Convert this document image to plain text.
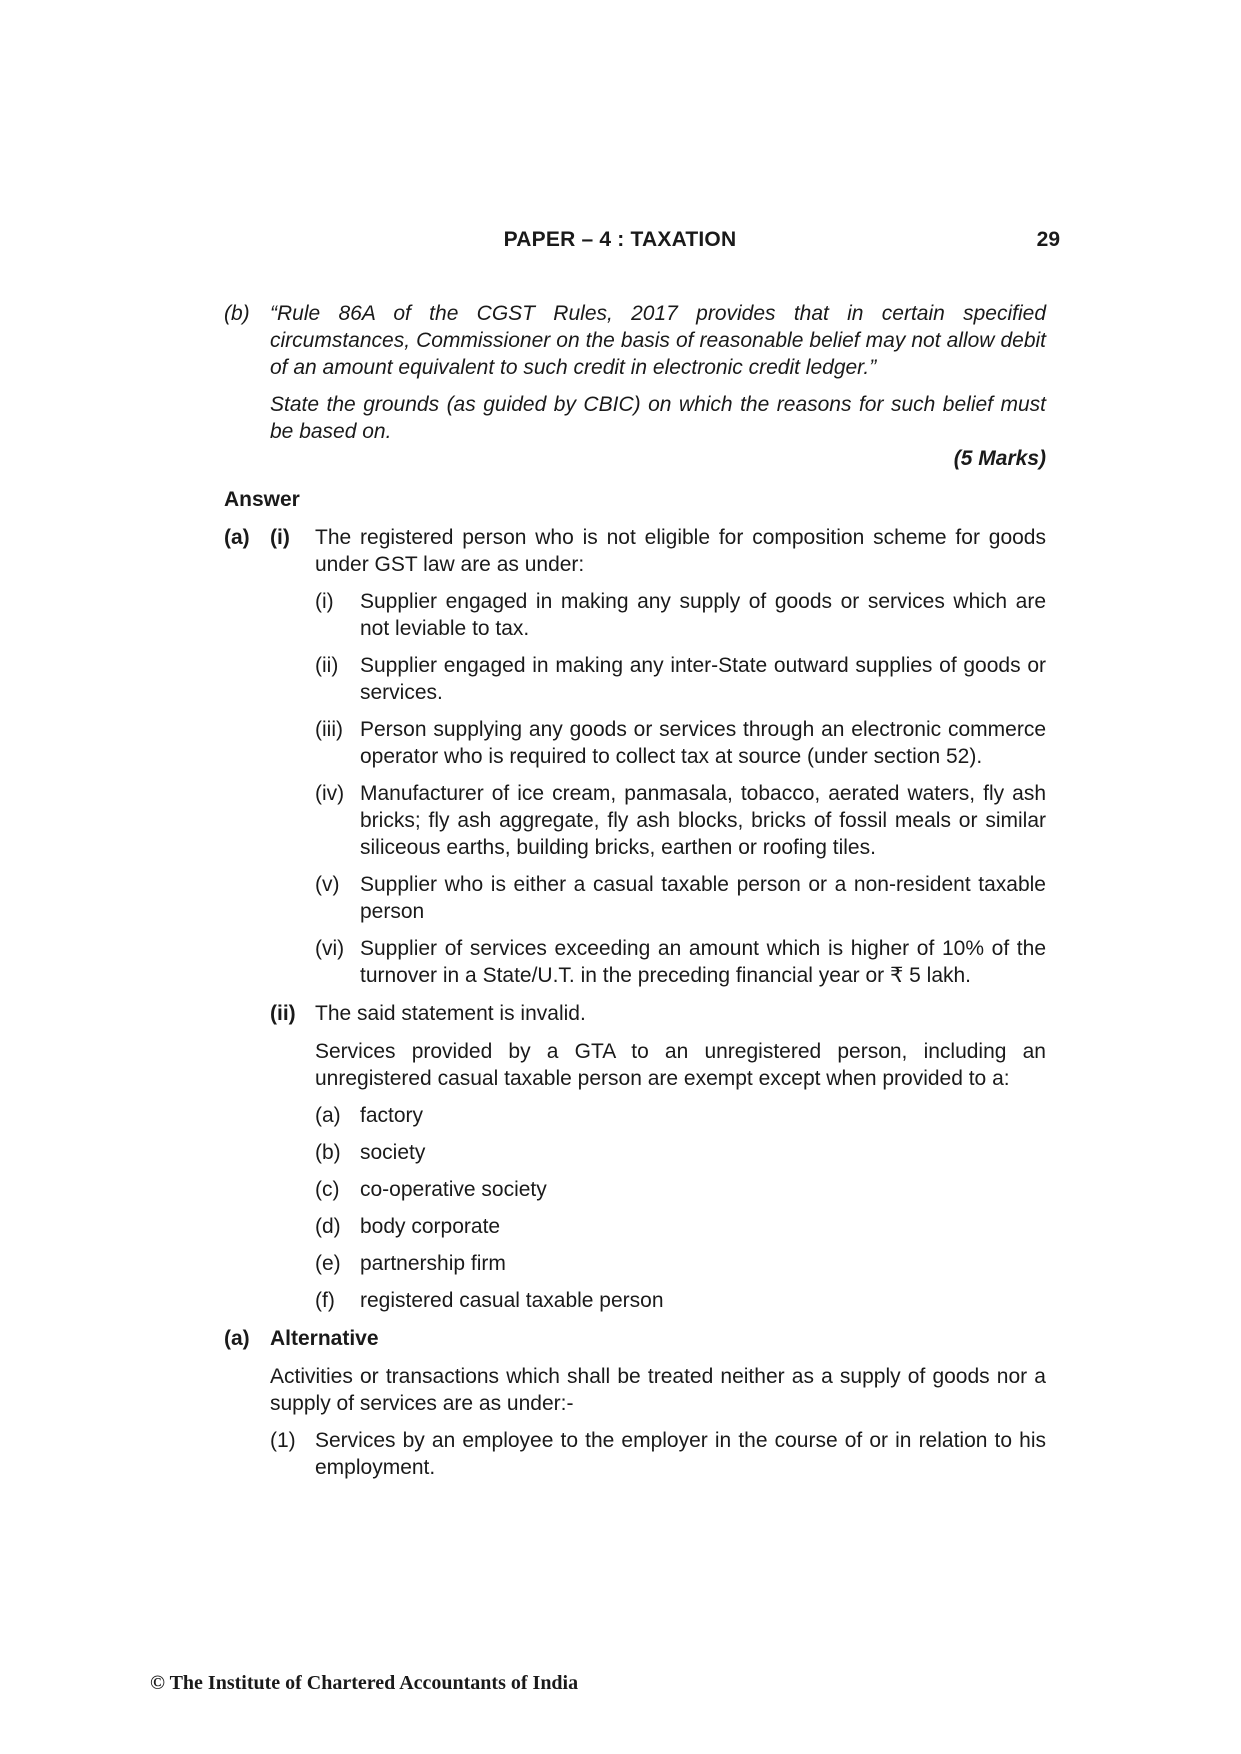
PAPER – 4 : TAXATION	29
(b) “Rule 86A of the CGST Rules, 2017 provides that in certain specified circumstances, Commissioner on the basis of reasonable belief may not allow debit of an amount equivalent to such credit in electronic credit ledger.”

State the grounds (as guided by CBIC) on which the reasons for such belief must be based on.

(5 Marks)
Answer
(a) (i)	The registered person who is not eligible for composition scheme for goods under GST law are as under:
(i)	Supplier engaged in making any supply of goods or services which are not leviable to tax.
(ii)	Supplier engaged in making any inter-State outward supplies of goods or services.
(iii) Person supplying any goods or services through an electronic commerce operator who is required to collect tax at source (under section 52).
(iv) Manufacturer of ice cream, panmasala, tobacco, aerated waters, fly ash bricks; fly ash aggregate, fly ash blocks, bricks of fossil meals or similar siliceous earths, building bricks, earthen or roofing tiles.
(v) Supplier who is either a casual taxable person or a non-resident taxable person
(vi) Supplier of services exceeding an amount which is higher of 10% of the turnover in a State/U.T. in the preceding financial year or ₹ 5 lakh.
(ii) The said statement is invalid.
Services provided by a GTA to an unregistered person, including an unregistered casual taxable person are exempt except when provided to a:
(a) factory
(b) society
(c) co-operative society
(d) body corporate
(e) partnership firm
(f)	registered casual taxable person
(a) Alternative
Activities or transactions which shall be treated neither as a supply of goods nor a supply of services are as under:-
(1) Services by an employee to the employer in the course of or in relation to his employment.
© The Institute of Chartered Accountants of India
